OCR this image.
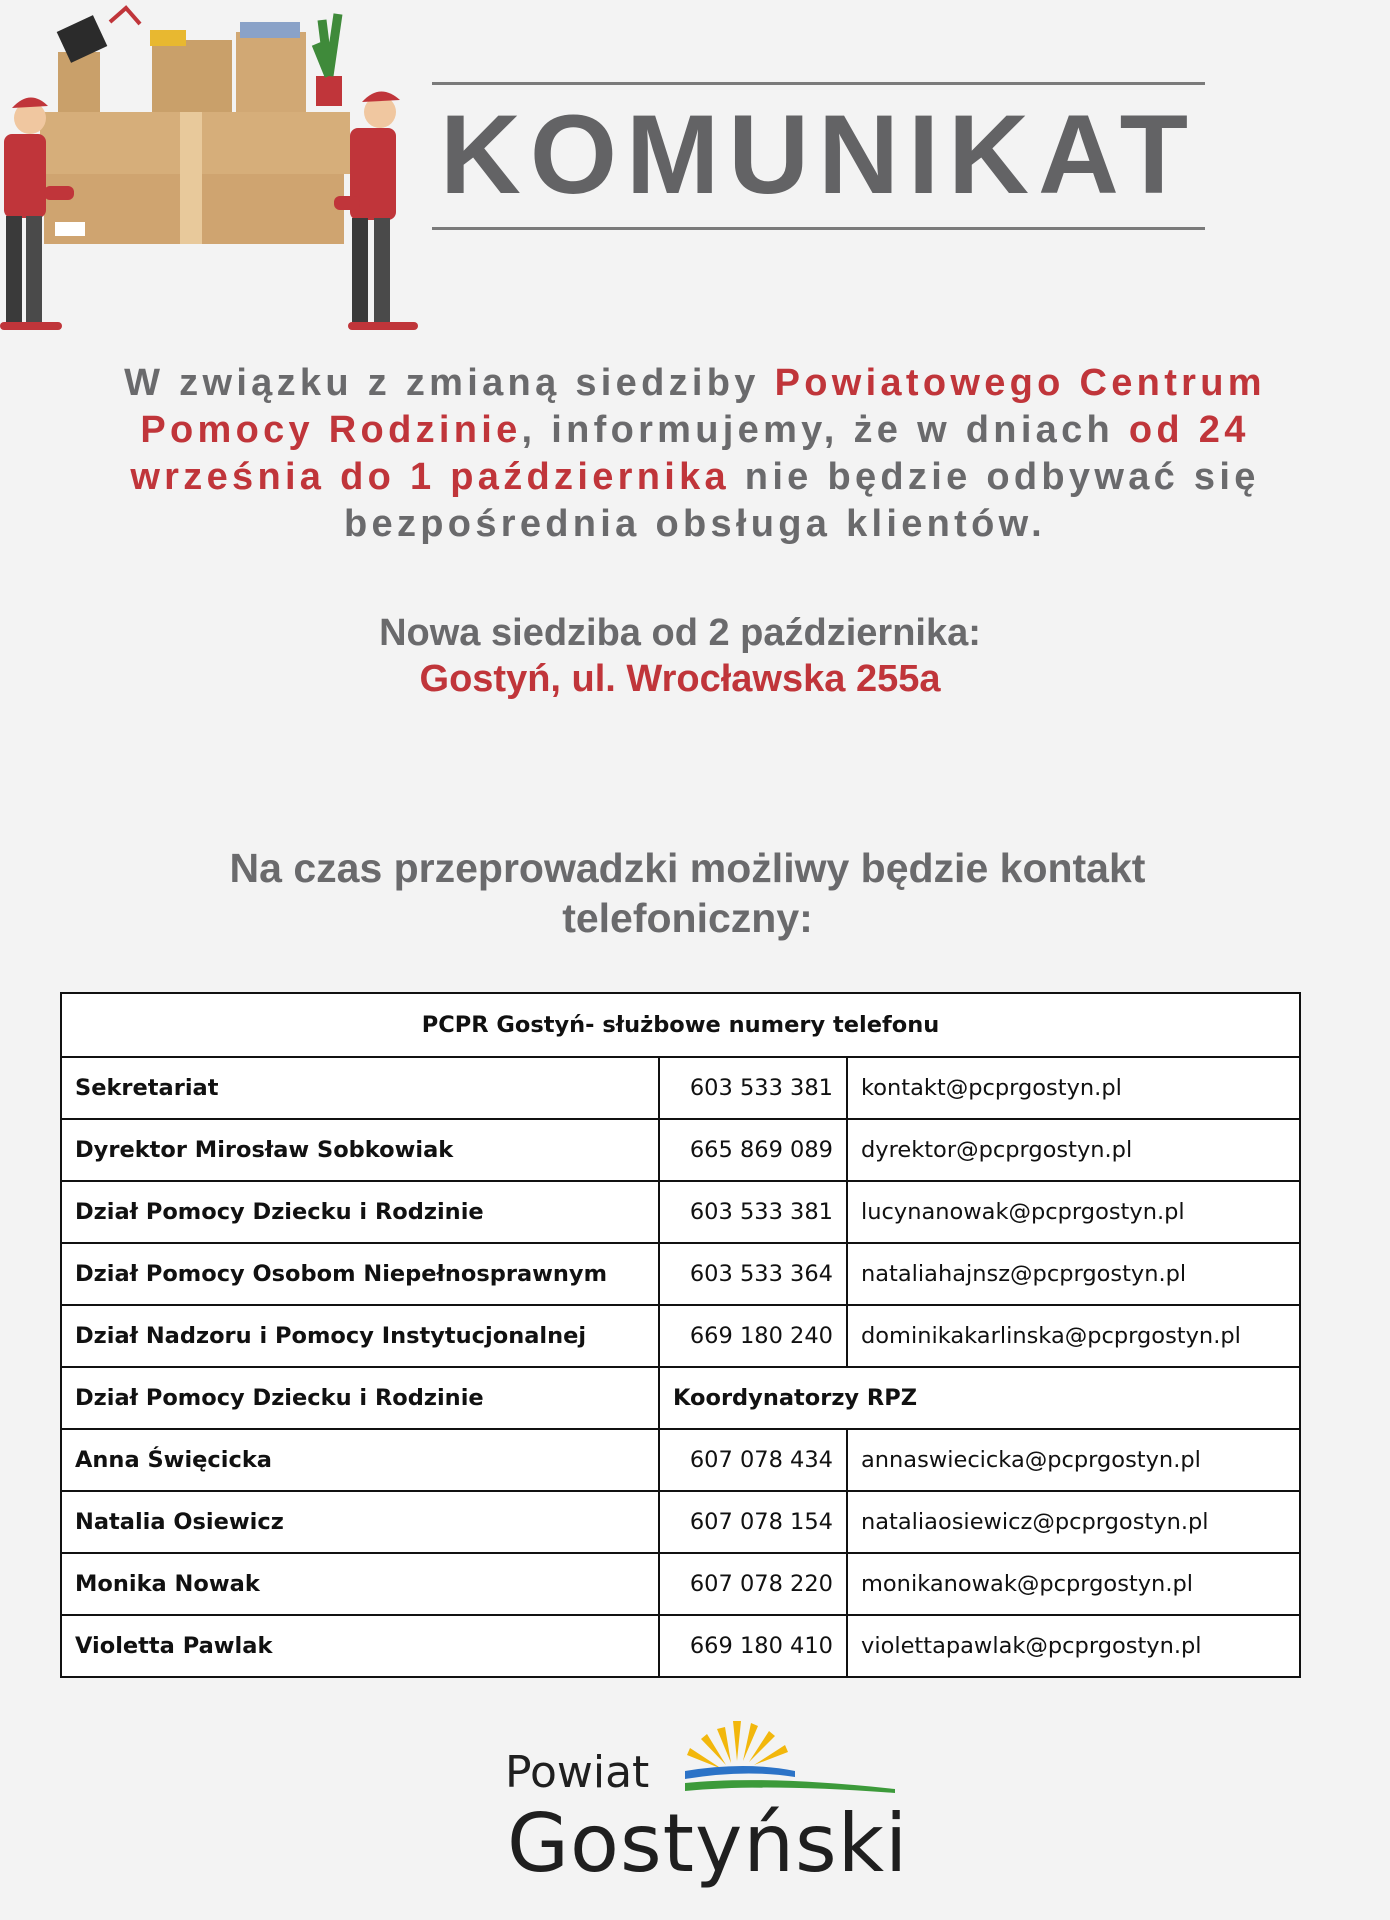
KOMUNIKAT
W związku z zmianą siedziby Powiatowego Centrum Pomocy Rodzinie, informujemy, że w dniach od 24 września do 1 października nie będzie odbywać się bezpośrednia obsługa klientów.
Nowa siedziba od 2 października:
Gostyń, ul. Wrocławska 255a
Na czas przeprowadzki możliwy będzie kontakt telefoniczny:
PCPR Gostyń- służbowe numery telefonu		
Sekretariat	603 533 381	kontakt@pcprgostyn.pl
Dyrektor Mirosław Sobkowiak	665 869 089	dyrektor@pcprgostyn.pl
Dział Pomocy Dziecku i Rodzinie	603 533 381	lucynanowak@pcprgostyn.pl
Dział Pomocy Osobom Niepełnosprawnym	603 533 364	nataliahajnsz@pcprgostyn.pl
Dział Nadzoru i Pomocy Instytucjonalnej	669 180 240	dominikakarlinska@pcprgostyn.pl
Dział Pomocy Dziecku i Rodzinie	Koordynatorzy RPZ	
Anna Święcicka	607 078 434	annaswiecicka@pcprgostyn.pl
Natalia Osiewicz	607 078 154	nataliaosiewicz@pcprgostyn.pl
Monika Nowak	607 078 220	monikanowak@pcprgostyn.pl
Violetta Pawlak	669 180 410	violettapawlak@pcprgostyn.pl
Powiat
Gostyński
